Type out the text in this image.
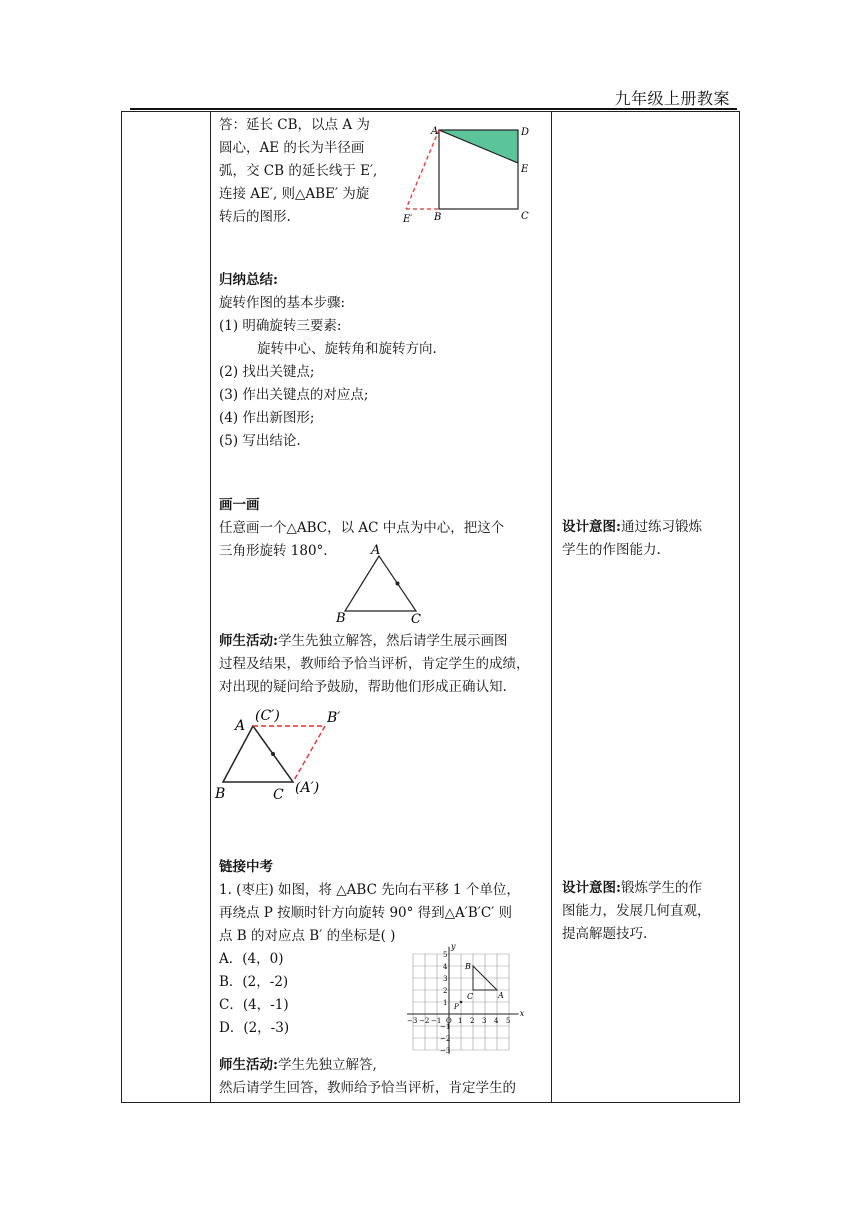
九年级上册教案

答：延长 CB，以点 A 为
圆心，AE 的长为半径画
弧，交 CB 的延长线于 E′,
连接 AE′, 则△ABE′ 为旋
转后的图形.
A	D
E
C
B
E′
归纳总结:
旋转作图的基本步骤:
(1) 明确旋转三要素:
旋转中心、旋转角和旋转方向.
(2) 找出关键点;
(3) 作出关键点的对应点;
(4) 作出新图形;
(5) 写出结论.
画一画
任意画一个△ABC，以 AC 中点为中心，把这个
三角形旋转 180°.	A
B	C
师生活动:学生先独立解答，然后请学生展示画图
过程及结果，教师给予恰当评析，肯定学生的成绩，
对出现的疑问给予鼓励，帮助他们形成正确认知.
A
(C′)	B′
B	C (A′)
链接中考
1. (枣庄) 如图，将 △ABC 先向右平移 1 个单位，
再绕点 P 按顺时针方向旋转 90° 得到△A′B′C′ 则
点 B 的对应点 B′ 的坐标是( )
A．(4，0)
B．(2，-2)
C．(4，-1)
D．(2，-3)	−3 −2 −1 O 1 2 3 4 5
5
4
3
2
1
−1
−2
−3
x
y
B
C	A
P
师生活动:学生先独立解答,
然后请学生回答，教师给予恰当评析，肯定学生的

设计意图:通过练习锻炼
学生的作图能力.
设计意图:锻炼学生的作
图能力，发展几何直观，
提高解题技巧.
